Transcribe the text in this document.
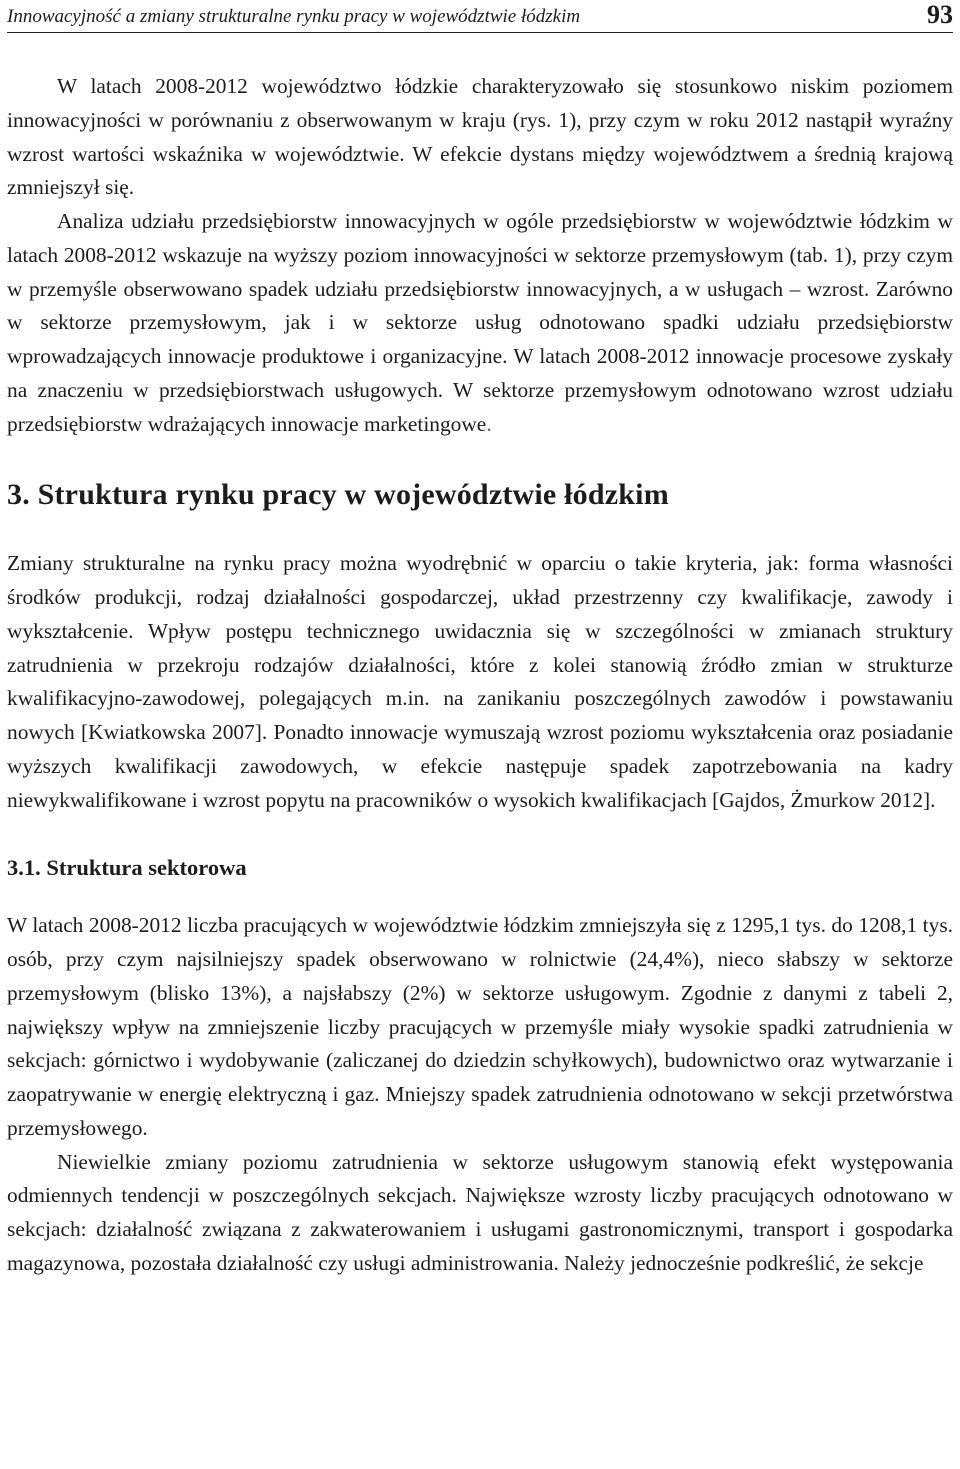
Innowacyjność a zmiany strukturalne rynku pracy w województwie łódzkim	93

W latach 2008-2012 województwo łódzkie charakteryzowało się stosunkowo niskim poziomem innowacyjności w porównaniu z obserwowanym w kraju (rys. 1), przy czym w roku 2012 nastąpił wyraźny wzrost wartości wskaźnika w województwie. W efekcie dystans między województwem a średnią krajową zmniejszył się.

Analiza udziału przedsiębiorstw innowacyjnych w ogóle przedsiębiorstw w województwie łódzkim w latach 2008-2012 wskazuje na wyższy poziom innowacyjności w sektorze przemysłowym (tab. 1), przy czym w przemyśle obserwowano spadek udziału przedsiębiorstw innowacyjnych, a w usługach – wzrost. Zarówno w sektorze przemysłowym, jak i w sektorze usług odnotowano spadki udziału przedsiębiorstw wprowadzających innowacje produktowe i organizacyjne. W latach 2008-2012 innowacje procesowe zyskały na znaczeniu w przedsiębiorstwach usługowych. W sektorze przemysłowym odnotowano wzrost udziału przedsiębiorstw wdrażających innowacje marketingowe.

3. Struktura rynku pracy w województwie łódzkim

Zmiany strukturalne na rynku pracy można wyodrębnić w oparciu o takie kryteria, jak: forma własności środków produkcji, rodzaj działalności gospodarczej, układ przestrzenny czy kwalifikacje, zawody i wykształcenie. Wpływ postępu technicznego uwidacznia się w szczególności w zmianach struktury zatrudnienia w przekroju rodzajów działalności, które z kolei stanowią źródło zmian w strukturze kwalifikacyjno-zawodowej, polegających m.in. na zanikaniu poszczególnych zawodów i powstawaniu nowych [Kwiatkowska 2007]. Ponadto innowacje wymuszają wzrost poziomu wykształcenia oraz posiadanie wyższych kwalifikacji zawodowych, w efekcie następuje spadek zapotrzebowania na kadry niewykwalifikowane i wzrost popytu na pracowników o wysokich kwalifikacjach [Gajdos, Żmurkow 2012].

3.1. Struktura sektorowa

W latach 2008-2012 liczba pracujących w województwie łódzkim zmniejszyła się z 1295,1 tys. do 1208,1 tys. osób, przy czym najsilniejszy spadek obserwowano w rolnictwie (24,4%), nieco słabszy w sektorze przemysłowym (blisko 13%), a najsłabszy (2%) w sektorze usługowym. Zgodnie z danymi z tabeli 2, największy wpływ na zmniejszenie liczby pracujących w przemyśle miały wysokie spadki zatrudnienia w sekcjach: górnictwo i wydobywanie (zaliczanej do dziedzin schyłkowych), budownictwo oraz wytwarzanie i zaopatrywanie w energię elektryczną i gaz. Mniejszy spadek zatrudnienia odnotowano w sekcji przetwórstwa przemysłowego.

Niewielkie zmiany poziomu zatrudnienia w sektorze usługowym stanowią efekt występowania odmiennych tendencji w poszczególnych sekcjach. Największe wzrosty liczby pracujących odnotowano w sekcjach: działalność związana z zakwaterowaniem i usługami gastronomicznymi, transport i gospodarka magazynowa, pozostała działalność czy usługi administrowania. Należy jednocześnie podkreślić, że sekcje
